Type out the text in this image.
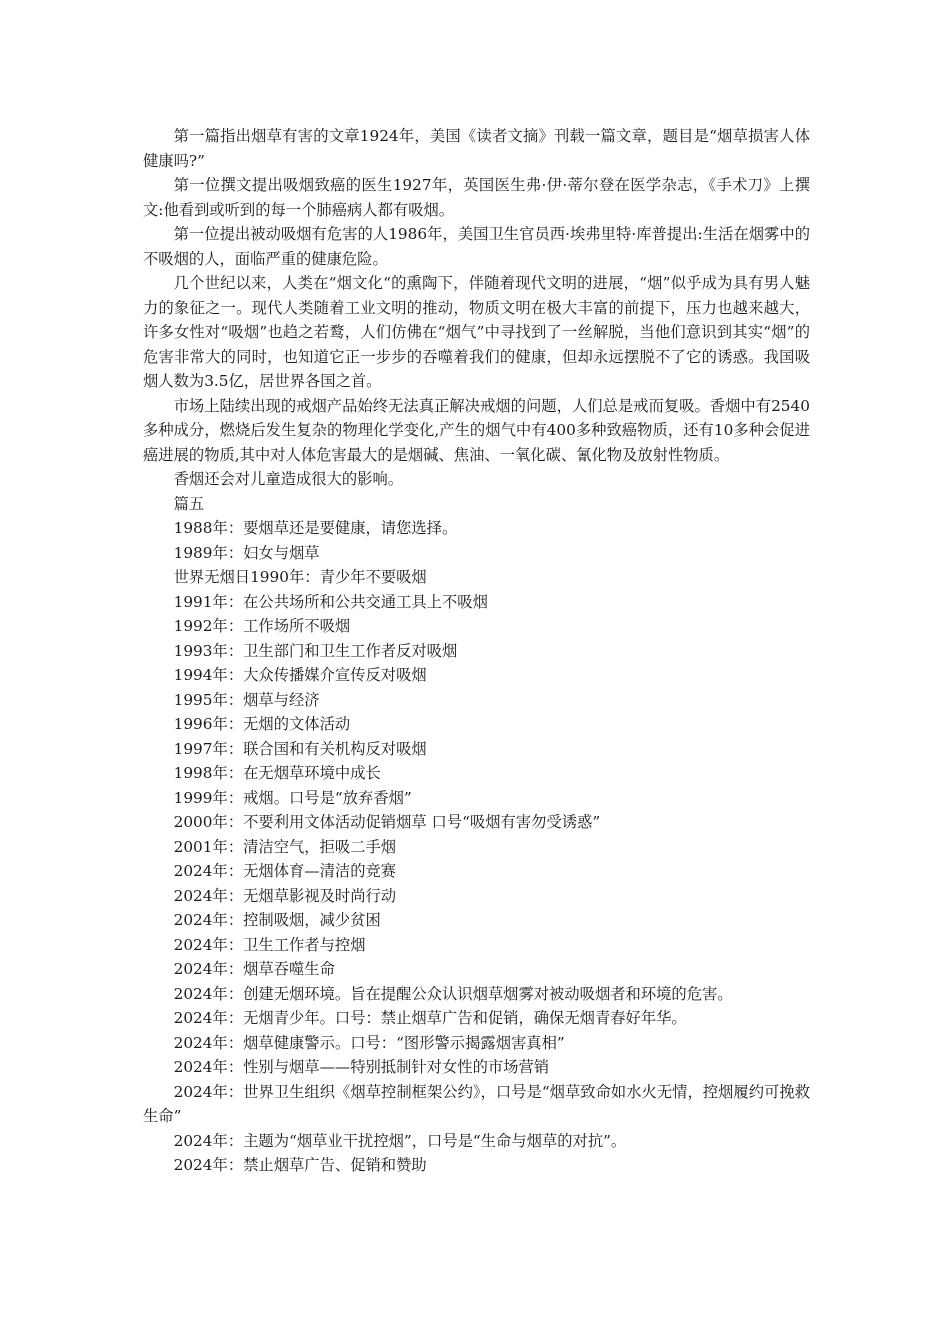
第一篇指出烟草有害的文章1924年，美国《读者文摘》刊载一篇文章，题目是“烟草损害人体健康吗?”

第一位撰文提出吸烟致癌的医生1927年，英国医生弗·伊·蒂尔登在医学杂志，《手术刀》上撰文:他看到或听到的每一个肺癌病人都有吸烟。

第一位提出被动吸烟有危害的人1986年，美国卫生官员西·埃弗里特·库普提出:生活在烟雾中的不吸烟的人，面临严重的健康危险。

几个世纪以来，人类在“烟文化“的熏陶下，伴随着现代文明的进展，“烟”似乎成为具有男人魅力的象征之一。现代人类随着工业文明的推动，物质文明在极大丰富的前提下，压力也越来越大，许多女性对“吸烟”也趋之若鹜，人们仿佛在“烟气”中寻找到了一丝解脱，当他们意识到其实“烟”的危害非常大的同时，也知道它正一步步的吞噬着我们的健康，但却永远摆脱不了它的诱惑。我国吸烟人数为3.5亿，居世界各国之首。

市场上陆续出现的戒烟产品始终无法真正解决戒烟的问题，人们总是戒而复吸。香烟中有2540多种成分，燃烧后发生复杂的物理化学变化,产生的烟气中有400多种致癌物质，还有10多种会促进癌进展的物质,其中对人体危害最大的是烟碱、焦油、一氧化碳、氰化物及放射性物质。

香烟还会对儿童造成很大的影响。

篇五

1988年：要烟草还是要健康，请您选择。
1989年：妇女与烟草
世界无烟日1990年：青少年不要吸烟
1991年：在公共场所和公共交通工具上不吸烟
1992年：工作场所不吸烟
1993年：卫生部门和卫生工作者反对吸烟
1994年：大众传播媒介宣传反对吸烟
1995年：烟草与经济
1996年：无烟的文体活动
1997年：联合国和有关机构反对吸烟
1998年：在无烟草环境中成长
1999年：戒烟。口号是“放弃香烟”
2000年：不要利用文体活动促销烟草 口号“吸烟有害勿受诱惑”
2001年：清洁空气，拒吸二手烟
2024年：无烟体育—清洁的竞赛
2024年：无烟草影视及时尚行动
2024年：控制吸烟，减少贫困
2024年：卫生工作者与控烟
2024年：烟草吞噬生命
2024年：创建无烟环境。旨在提醒公众认识烟草烟雾对被动吸烟者和环境的危害。
2024年：无烟青少年。口号：禁止烟草广告和促销，确保无烟青春好年华。
2024年：烟草健康警示。口号：“图形警示揭露烟害真相”
2024年：性别与烟草——特别抵制针对女性的市场营销
2024年：世界卫生组织《烟草控制框架公约》，口号是“烟草致命如水火无情，控烟履约可挽救生命”
2024年：主题为“烟草业干扰控烟”，口号是“生命与烟草的对抗”。
2024年：禁止烟草广告、促销和赞助
